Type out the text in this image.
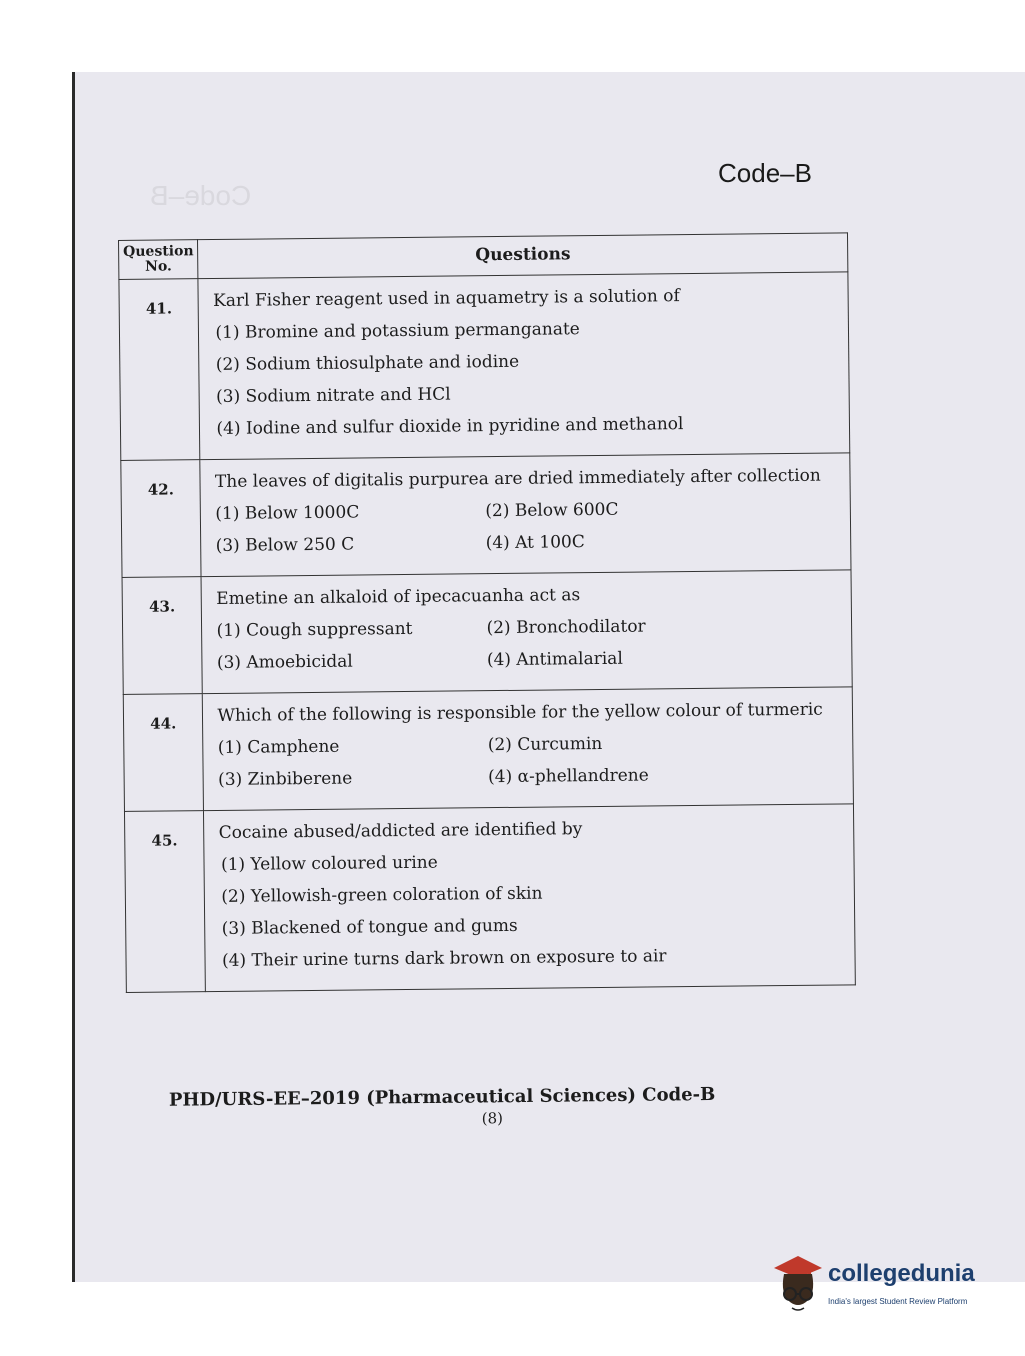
Code–B
Code–B
Question No.	Questions
41.	Karl Fisher reagent used in aquametry is a solution of
(1) Bromine and potassium permanganate
(2) Sodium thiosulphate and iodine
(3) Sodium nitrate and HCl
(4) Iodine and sulfur dioxide in pyridine and methanol

42.	The leaves of digitalis purpurea are dried immediately after collection
(1) Below 1000C (2) Below 600C
(3) Below 250 C (4) At 100C

43.	Emetine an alkaloid of ipecacuanha act as
(1) Cough suppressant (2) Bronchodilator
(3) Amoebicidal (4) Antimalarial

44.	Which of the following is responsible for the yellow colour of turmeric
(1) Camphene (2) Curcumin
(3) Zinbiberene (4) α-phellandrene

45.	Cocaine abused/addicted are identified by
(1) Yellow coloured urine
(2) Yellowish-green coloration of skin
(3) Blackened of tongue and gums
(4) Their urine turns dark brown on exposure to air
PHD/URS-EE–2019 (Pharmaceutical Sciences) Code-B
(8)
collegedunia
India's largest Student Review Platform
